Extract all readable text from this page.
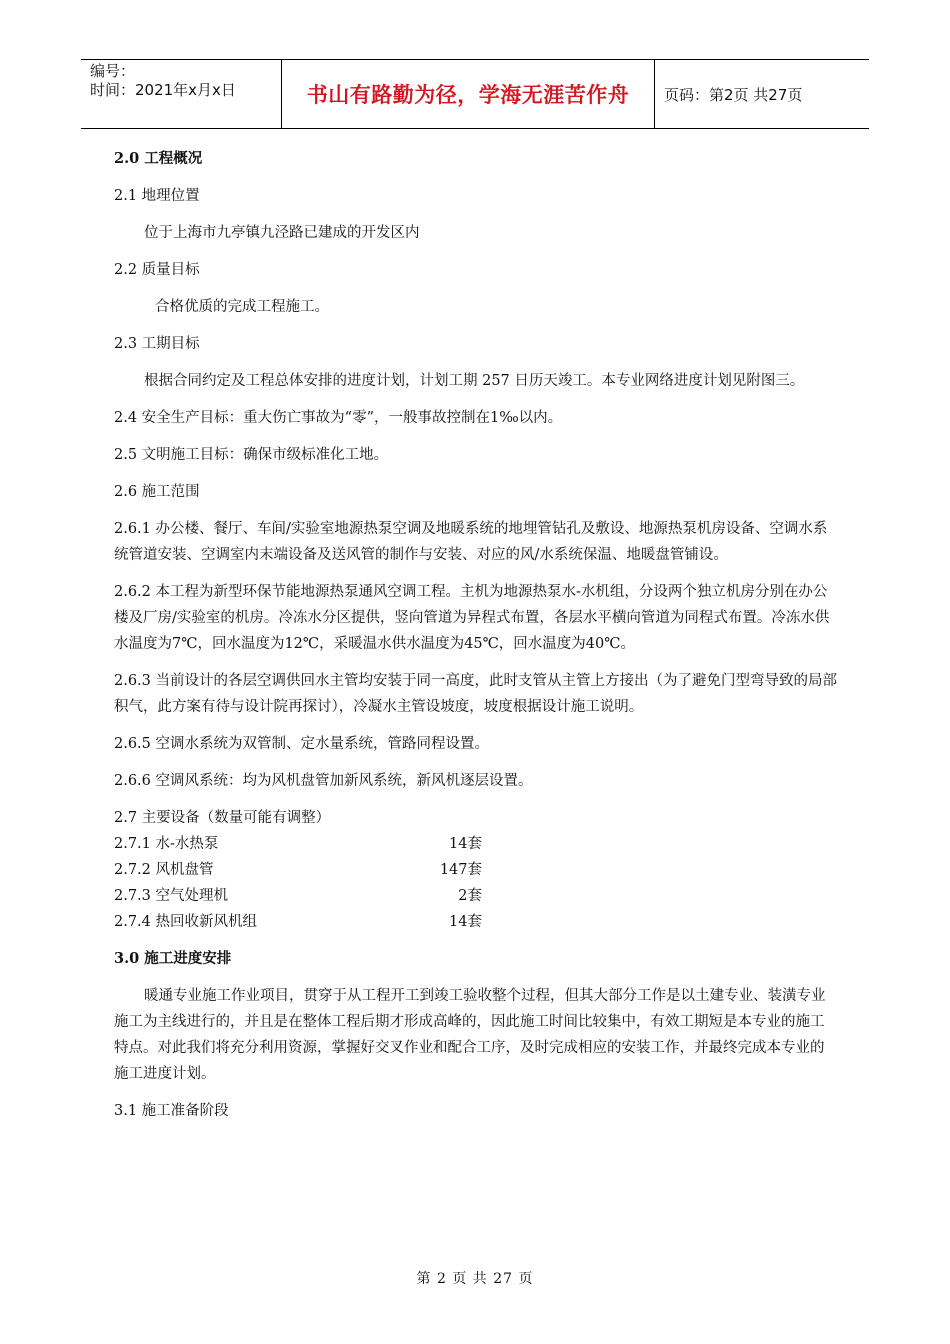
编号：
时间：2021年x月x日	书山有路勤为径，学海无涯苦作舟	页码：第2页 共27页

2.0 工程概况

2.1 地理位置

位于上海市九亭镇九泾路已建成的开发区内

2.2 质量目标

合格优质的完成工程施工。

2.3 工期目标

根据合同约定及工程总体安排的进度计划，计划工期 257 日历天竣工。本专业网络进度计划见附图三。

2.4 安全生产目标：重大伤亡事故为“零”，一般事故控制在1‰以内。

2.5 文明施工目标：确保市级标准化工地。

2.6 施工范围

2.6.1 办公楼、餐厅、车间/实验室地源热泵空调及地暖系统的地埋管钻孔及敷设、地源热泵机房设备、空调水系统管道安装、空调室内末端设备及送风管的制作与安装、对应的风/水系统保温、地暖盘管铺设。

2.6.2 本工程为新型环保节能地源热泵通风空调工程。主机为地源热泵水-水机组，分设两个独立机房分别在办公楼及厂房/实验室的机房。冷冻水分区提供，竖向管道为异程式布置，各层水平横向管道为同程式布置。冷冻水供水温度为7℃，回水温度为12℃，采暖温水供水温度为45℃，回水温度为40℃。

2.6.3 当前设计的各层空调供回水主管均安装于同一高度，此时支管从主管上方接出（为了避免门型弯导致的局部积气，此方案有待与设计院再探讨），冷凝水主管设坡度，坡度根据设计施工说明。

2.6.5 空调水系统为双管制、定水量系统，管路同程设置。

2.6.6 空调风系统：均为风机盘管加新风系统，新风机逐层设置。

2.7 主要设备（数量可能有调整）

2.7.1 水-水热泵	14套
2.7.2 风机盘管	147套
2.7.3 空气处理机	2套
2.7.4 热回收新风机组	14套

3.0 施工进度安排

暖通专业施工作业项目，贯穿于从工程开工到竣工验收整个过程，但其大部分工作是以土建专业、装潢专业施工为主线进行的，并且是在整体工程后期才形成高峰的，因此施工时间比较集中，有效工期短是本专业的施工特点。对此我们将充分利用资源，掌握好交叉作业和配合工序，及时完成相应的安装工作，并最终完成本专业的施工进度计划。

3.1 施工准备阶段

第 2 页 共 27 页
